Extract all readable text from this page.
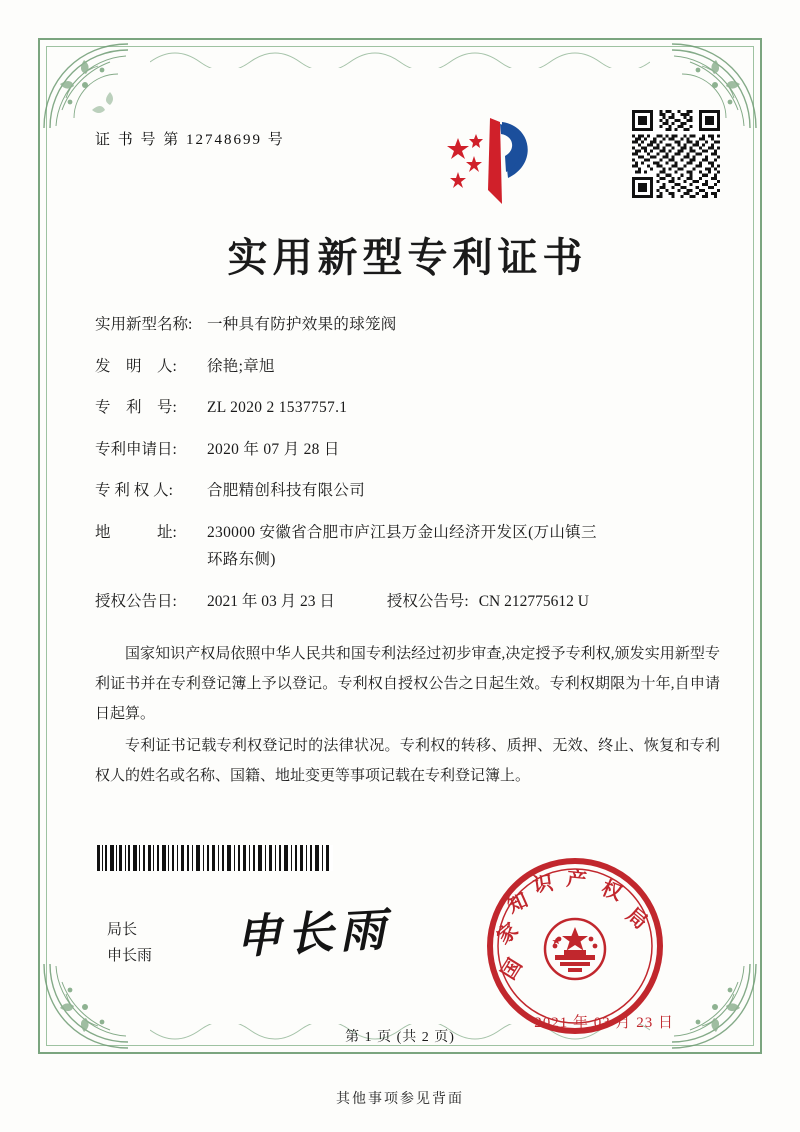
证 书 号 第 12748699 号
实用新型专利证书
实用新型名称: 一种具有防护效果的球笼阀
发　明　人:	徐艳;章旭
专　利　号:	ZL 2020 2 1537757.1
专利申请日:	2020 年 07 月 28 日
专 利 权 人:	合肥精创科技有限公司
地　　　址:	230000 安徽省合肥市庐江县万金山经济开发区(万山镇三
环路东侧)
授权公告日:	2021 年 03 月 23 日	授权公告号: CN 212775612 U

国家知识产权局依照中华人民共和国专利法经过初步审查,决定授予专利权,颁发实用新型专利证书并在专利登记簿上予以登记。专利权自授权公告之日起生效。专利权期限为十年,自申请日起算。

专利证书记载专利权登记时的法律状况。专利权的转移、质押、无效、终止、恢复和专利权人的姓名或名称、国籍、地址变更等事项记载在专利登记簿上。

局长
申长雨 申长雨
国
家
知
识 产 权
局
2021 年 03 月 23 日
第 1 页 (共 2 页)
其他事项参见背面
